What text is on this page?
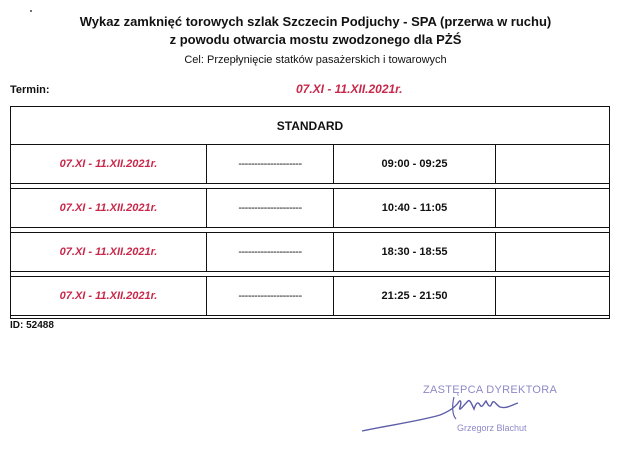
Wykaz zamknięć torowych szlak Szczecin Podjuchy - SPA (przerwa w ruchu)
z powodu otwarcia mostu zwodzonego dla PŻŚ
Cel: Przepłynięcie statków pasażerskich i towarowych
Termin:	07.XI - 11.XII.2021r.
STANDARD
07.XI - 11.XII.2021r.	--------------------	09:00 - 09:25
07.XI - 11.XII.2021r.	--------------------	10:40 - 11:05
07.XI - 11.XII.2021r.	--------------------	18:30 - 18:55
07.XI - 11.XII.2021r.	--------------------	21:25 - 21:50
ID: 52488
ZASTĘPCA DYREKTORA
Grzegorz Blachut
